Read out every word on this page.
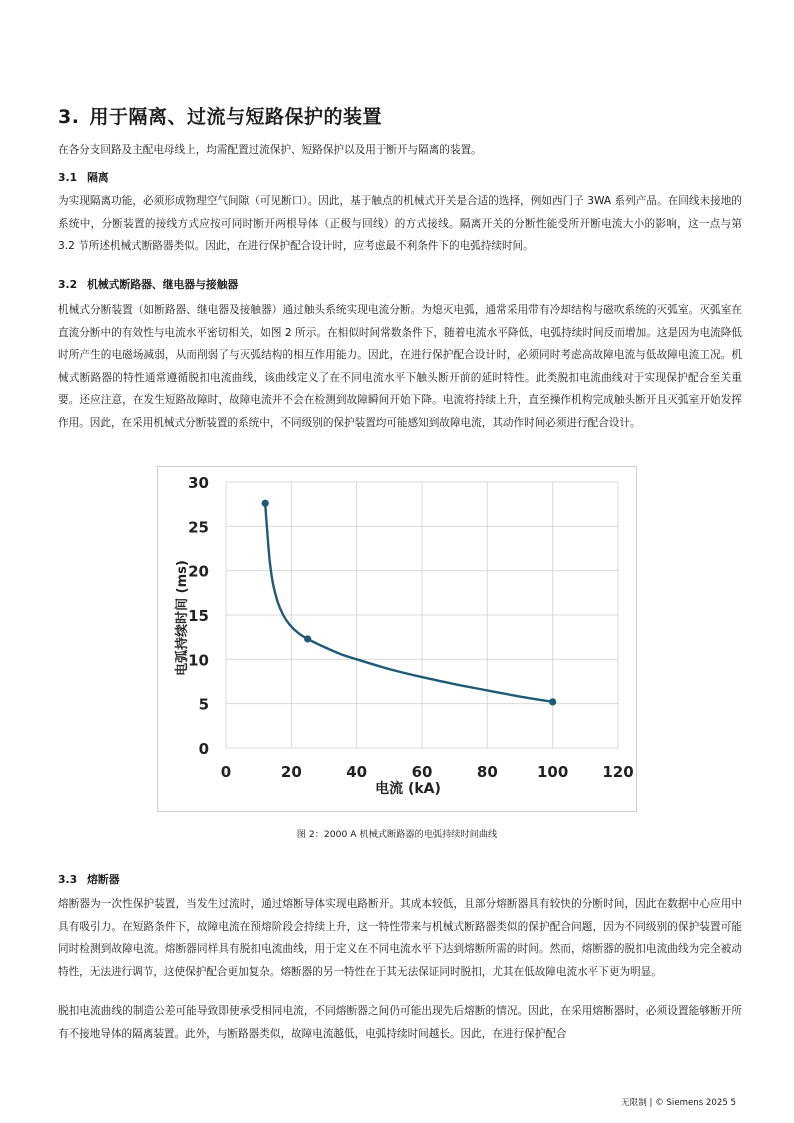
3. 用于隔离、过流与短路保护的装置

在各分支回路及主配电母线上，均需配置过流保护、短路保护以及用于断开与隔离的装置。

3.1 隔离

为实现隔离功能，必须形成物理空气间隙（可见断口）。因此，基于触点的机械式开关是合适的选择，例如西门子 3WA 系列产品。在回线未接地的系统中，分断装置的接线方式应按可同时断开两根导体（正极与回线）的方式接线。隔离开关的分断性能受所开断电流大小的影响，这一点与第 3.2 节所述机械式断路器类似。因此，在进行保护配合设计时，应考虑最不利条件下的电弧持续时间。

3.2 机械式断路器、继电器与接触器

机械式分断装置（如断路器、继电器及接触器）通过触头系统实现电流分断。为熄灭电弧，通常采用带有冷却结构与磁吹系统的灭弧室。灭弧室在直流分断中的有效性与电流水平密切相关，如图 2 所示。在相似时间常数条件下，随着电流水平降低，电弧持续时间反而增加。这是因为电流降低时所产生的电磁场减弱，从而削弱了与灭弧结构的相互作用能力。因此，在进行保护配合设计时，必须同时考虑高故障电流与低故障电流工况。机械式断路器的特性通常遵循脱扣电流曲线，该曲线定义了在不同电流水平下触头断开前的延时特性。此类脱扣电流曲线对于实现保护配合至关重要。还应注意，在发生短路故障时，故障电流并不会在检测到故障瞬间开始下降。电流将持续上升，直至操作机构完成触头断开且灭弧室开始发挥作用。因此，在采用机械式分断装置的系统中，不同级别的保护装置均可能感知到故障电流，其动作时间必须进行配合设计。

3.3 熔断器

熔断器为一次性保护装置，当发生过流时，通过熔断导体实现电路断开。其成本较低，且部分熔断器具有较快的分断时间，因此在数据中心应用中具有吸引力。在短路条件下，故障电流在预熔阶段会持续上升，这一特性带来与机械式断路器类似的保护配合问题，因为不同级别的保护装置可能同时检测到故障电流。熔断器同样具有脱扣电流曲线，用于定义在不同电流水平下达到熔断所需的时间。然而，熔断器的脱扣电流曲线为完全被动特性，无法进行调节，这使保护配合更加复杂。熔断器的另一特性在于其无法保证同时脱扣，尤其在低故障电流水平下更为明显。

脱扣电流曲线的制造公差可能导致即使承受相同电流，不同熔断器之间仍可能出现先后熔断的情况。因此，在采用熔断器时，必须设置能够断开所有不接地导体的隔离装置。此外，与断路器类似，故障电流越低，电弧持续时间越长。因此，在进行保护配合

0
5
10
15
20
25
30
0	20	40	60	80	100 120
电流 (kA)
电弧持续时间 (ms)
图 2：2000 A 机械式断路器的电弧持续时间曲线
无限制 | © Siemens 2025 5
